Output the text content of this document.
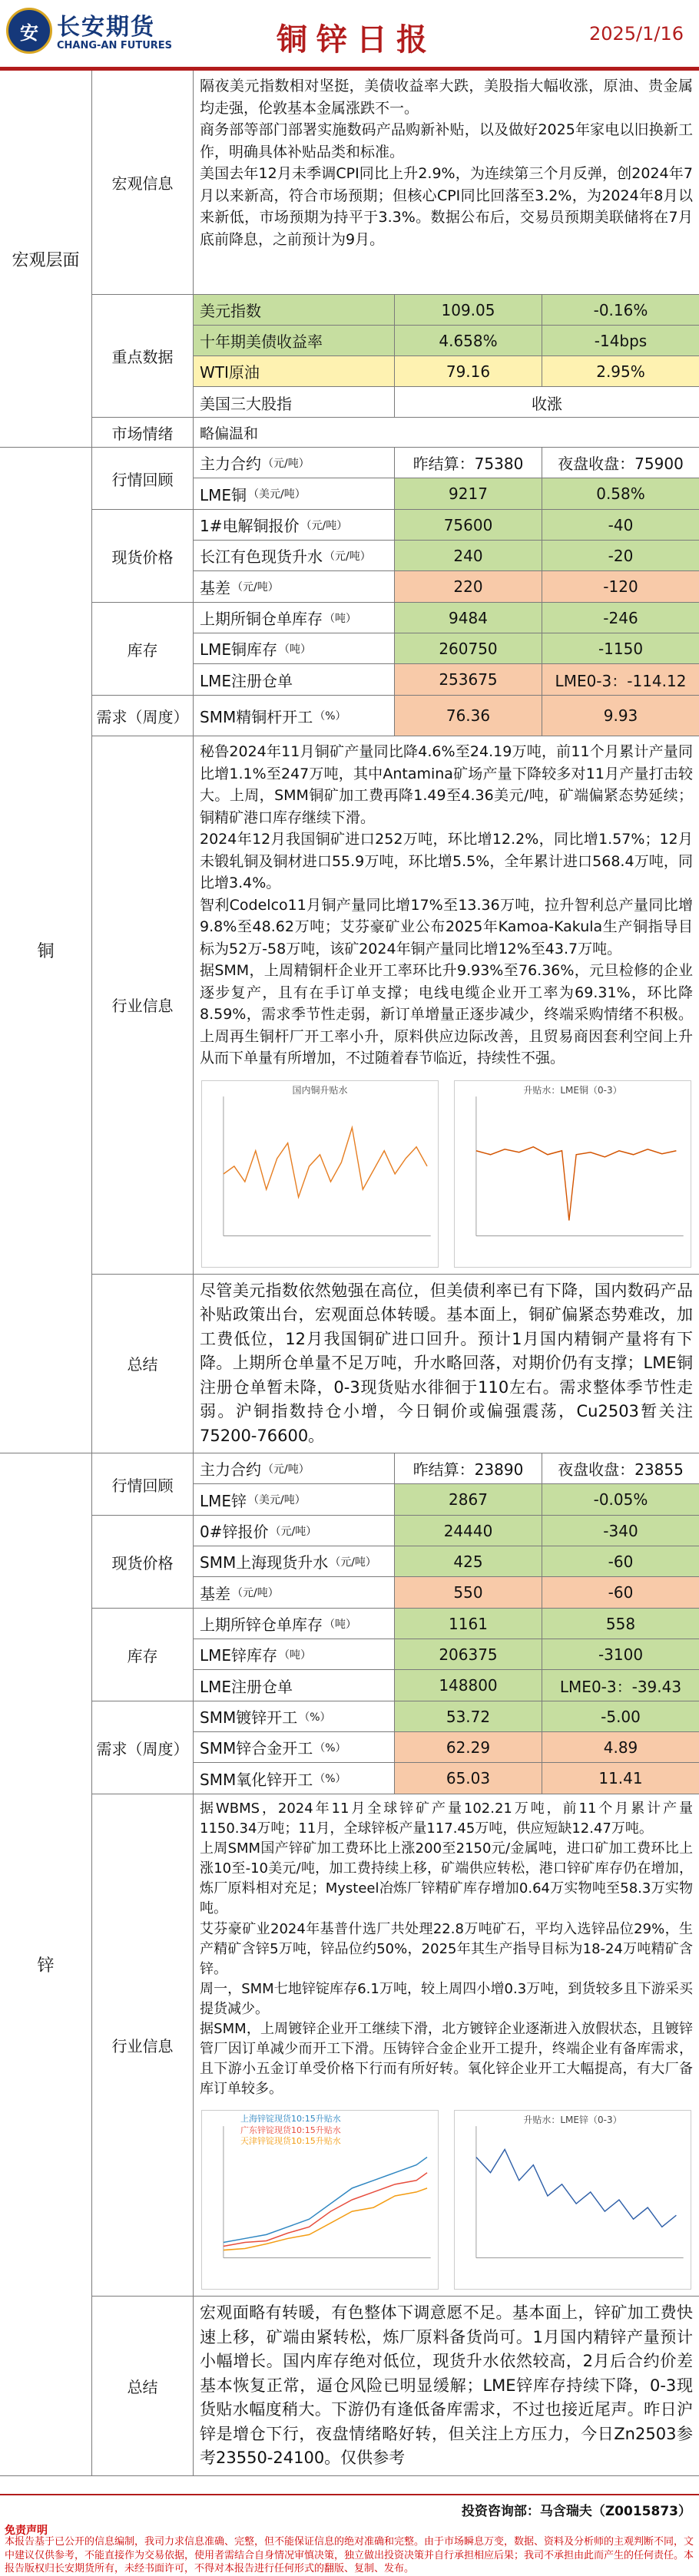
安 长安期货
CHANG-AN FUTURES	铜锌日报	2025/1/16
宏观层面
宏观信息

隔夜美元指数相对坚挺，美债收益率大跌，美股指大幅收涨，原油、贵金属均走强，伦敦基本金属涨跌不一。

商务部等部门部署实施数码产品购新补贴，以及做好2025年家电以旧换新工作，明确具体补贴品类和标准。

美国去年12月未季调CPI同比上升2.9%，为连续第三个月反弹，创2024年7月以来新高，符合市场预期；但核心CPI同比回落至3.2%，为2024年8月以来新低，市场预期为持平于3.3%。数据公布后，交易员预期美联储将在7月底前降息，之前预计为9月。

重点数据
美元指数	109.05	-0.16%
十年期美债收益率	4.658%	-14bps
WTI原油	79.16	2.95%
美国三大股指	收涨
市场情绪	略偏温和
铜
行情回顾
主力合约 （元/吨）	昨结算：75380	夜盘收盘：75900
LME铜 （美元/吨）	9217	0.58%
现货价格
1#电解铜报价 （元/吨）	75600	-40
长江有色现货升水 （元/吨）	240	-20
基差 （元/吨）	220	-120
库存
上期所铜仓单库存 （吨）	9484	-246
LME铜库存 （吨）	260750	-1150
LME注册仓单	253675	LME0-3：-114.12
需求（周度） SMM精铜杆开工 （%）	76.36	9.93
行业信息

秘鲁2024年11月铜矿产量同比降4.6%至24.19万吨，前11个月累计产量同比增1.1%至247万吨，其中Antamina矿场产量下降较多对11月产量打击较大。上周，SMM铜矿加工费再降1.49至4.36美元/吨，矿端偏紧态势延续；铜精矿港口库存继续下滑。

2024年12月我国铜矿进口252万吨，环比增12.2%，同比增1.57%；12月未锻轧铜及铜材进口55.9万吨，环比增5.5%，全年累计进口568.4万吨，同比增3.4%。

智利Codelco11月铜产量同比增17%至13.36万吨，拉升智利总产量同比增9.8%至48.62万吨；艾芬豪矿业公布2025年Kamoa-Kakula生产铜指导目标为52万-58万吨，该矿2024年铜产量同比增12%至43.7万吨。

据SMM，上周精铜杆企业开工率环比升9.93%至76.36%，元旦检修的企业逐步复产，且有在手订单支撑；电线电缆企业开工率为69.31%，环比降8.59%，需求季节性走弱，新订单增量正逐步减少，终端采购情绪不积极。上周再生铜杆厂开工率小升，原料供应边际改善，且贸易商因套利空间上升从而下单量有所增加，不过随着春节临近，持续性不强。

国内铜升贴水	升贴水：LME铜（0-3）
总结
尽管美元指数依然勉强在高位，但美债利率已有下降，国内数码产品补贴政策出台，宏观面总体转暖。基本面上，铜矿偏紧态势难改，加工费低位，12月我国铜矿进口回升。预计1月国内精铜产量将有下降。上期所仓单量不足万吨，升水略回落，对期价仍有支撑；LME铜注册仓单暂未降，0-3现货贴水徘徊于110左右。需求整体季节性走弱。沪铜指数持仓小增，今日铜价或偏强震荡，Cu2503暂关注75200-76600。
锌
行情回顾
主力合约 （元/吨）	昨结算：23890	夜盘收盘：23855
LME锌 （美元/吨）	2867	-0.05%
现货价格
0#锌报价 （元/吨）	24440	-340
SMM上海现货升水 （元/吨）	425	-60
基差 （元/吨）	550	-60
库存
上期所锌仓单库存 （吨）	1161	558
LME锌库存 （吨）	206375	-3100
LME注册仓单	148800	LME0-3：-39.43
需求（周度）
SMM镀锌开工 （%）	53.72	-5.00
SMM锌合金开工 （%）	62.29	4.89
SMM氧化锌开工 （%）	65.03	11.41
行业信息

据WBMS，2024年11月全球锌矿产量102.21万吨，前11个月累计产量1150.34万吨；11月，全球锌板产量117.45万吨，供应短缺12.47万吨。

上周SMM国产锌矿加工费环比上涨200至2150元/金属吨，进口矿加工费环比上涨10至-10美元/吨，加工费持续上移，矿端供应转松，港口锌矿库存仍在增加，炼厂原料相对充足；Mysteel冶炼厂锌精矿库存增加0.64万实物吨至58.3万实物吨。

艾芬豪矿业2024年基普什选厂共处理22.8万吨矿石，平均入选锌品位29%，生产精矿含锌5万吨，锌品位约50%，2025年其生产指导目标为18-24万吨精矿含锌。

周一，SMM七地锌锭库存6.1万吨，较上周四小增0.3万吨，到货较多且下游采买提货减少。

据SMM，上周镀锌企业开工继续下滑，北方镀锌企业逐渐进入放假状态，且镀锌管厂因订单减少而开工下滑。压铸锌合金企业开工提升，终端企业有备库需求，且下游小五金订单受价格下行而有所好转。氧化锌企业开工大幅提高，有大厂备库订单较多。

上海锌锭现货10:15升贴水
广东锌锭现货10:15升贴水
天津锌锭现货10:15升贴水
升贴水：LME锌（0-3）
总结
宏观面略有转暖，有色整体下调意愿不足。基本面上，锌矿加工费快速上移，矿端由紧转松，炼厂原料备货尚可。1月国内精锌产量预计小幅增长。国内库存绝对低位，现货升水依然较高，2月后合约价差基本恢复正常，逼仓风险已明显缓解；LME锌库存持续下降，0-3现货贴水幅度稍大。下游仍有逢低备库需求，不过也接近尾声。昨日沪锌是增仓下行，夜盘情绪略好转，但关注上方压力，今日Zn2503参考23550-24100。仅供参考
投资咨询部：马含瑞夫（Z0015873）
免责声明
本报告基于已公开的信息编制，我司力求信息准确、完整，但不能保证信息的绝对准确和完整。由于市场瞬息万变，数据、资料及分析师的主观判断不同，文中建议仅供参考，不能直接作为交易依据，使用者需结合自身情况审慎决策，独立做出投资决策并自行承担相应后果；我司不承担由此而产生的任何责任。本报告版权归长安期货所有，未经书面许可，不得对本报告进行任何形式的翻版、复制、发布。
